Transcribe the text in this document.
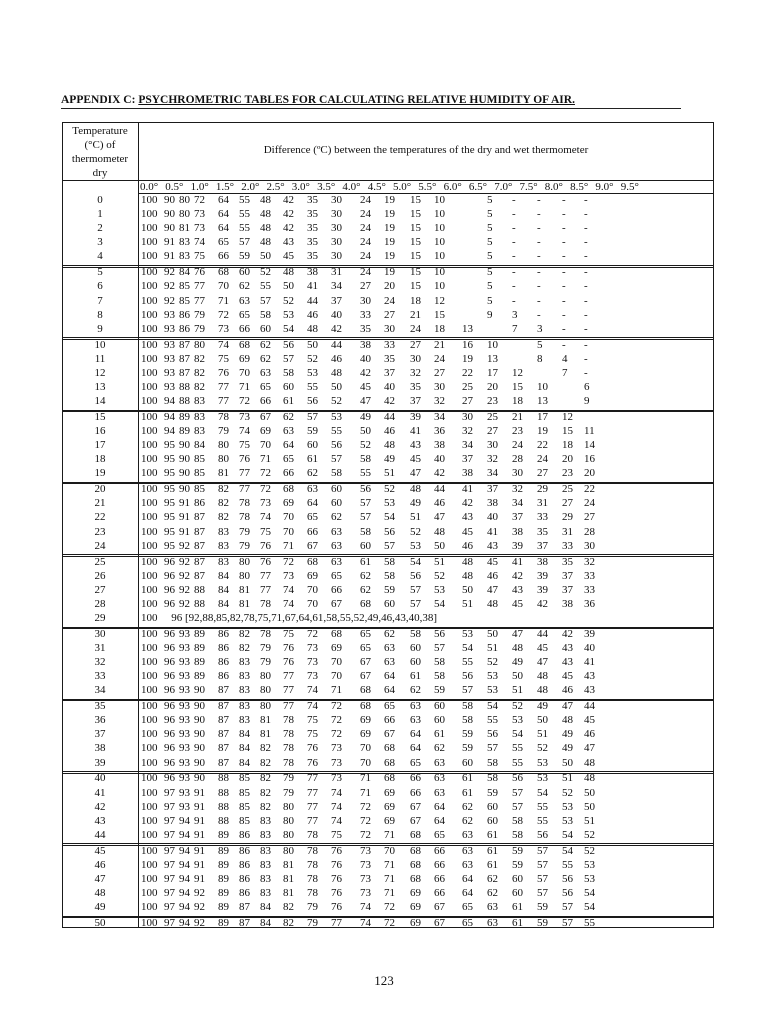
APPENDIX C: PSYCHROMETRIC TABLES FOR CALCULATING RELATIVE HUMIDITY OF AIR.
Temperature
(°C) of
thermometer
dry
Difference (ºC) between the temperatures of the dry and wet thermometer
0.0° 0.5° 1.0° 1.5° 2.0° 2.5° 3.0° 3.5° 4.0° 4.5° 5.0° 5.5° 6.0° 6.5° 7.0° 7.5° 8.0° 8.5° 9.0° 9.5°
0	100 90 80 72 64 55 48 42 35 30 24 19 15 10	5 - - - -
1	100 90 80 73 64 55 48 42 35 30 24 19 15 10	5 - - - -
2	100 90 81 73 64 55 48 42 35 30 24 19 15 10	5 - - - -
3	100 91 83 74 65 57 48 43 35 30 24 19 15 10	5 - - - -
4	100 91 83 75 66 59 50 45 35 30 24 19 15 10	5 - - - -
5	100 92 84 76 68 60 52 48 38 31 24 19 15 10	5 - - - -
6	100 92 85 77 70 62 55 50 41 34 27 20 15 10	5 - - - -
7	100 92 85 77 71 63 57 52 44 37 30 24 18 12	5 - - - -
8	100 93 86 79 72 65 58 53 46 40 33 27 21 15	9 3 - - -
9	100 93 86 79 73 66 60 54 48 42 35 30 24 18 13	7 3 - -
10	100 93 87 80 74 68 62 56 50 44 38 33 27 21 16 10	5 - -
11	100 93 87 82 75 69 62 57 52 46 40 35 30 24 19 13	8 4 -
12	100 93 87 82 76 70 63 58 53 48 42 37 32 27 22 17 12	7 -
13	100 93 88 82 77 71 65 60 55 50 45 40 35 30 25 20 15 10	6
14	100 94 88 83 77 72 66 61 56 52 47 42 37 32 27 23 18 13	9
15	100 94 89 83 78 73 67 62 57 53 49 44 39 34 30 25 21 17 12
16	100 94 89 83 79 74 69 63 59 55 50 46 41 36 32 27 23 19 15 11
17	100 95 90 84 80 75 70 64 60 56 52 48 43 38 34 30 24 22 18 14
18	100 95 90 85 80 76 71 65 61 57 58 49 45 40 37 32 28 24 20 16
19	100 95 90 85 81 77 72 66 62 58 55 51 47 42 38 34 30 27 23 20
20	100 95 90 85 82 77 72 68 63 60 56 52 48 44 41 37 32 29 25 22
21	100 95 91 86 82 78 73 69 64 60 57 53 49 46 42 38 34 31 27 24
22	100 95 91 87 82 78 74 70 65 62 57 54 51 47 43 40 37 33 29 27
23	100 95 91 87 83 79 75 70 66 63 58 56 52 48 45 41 38 35 31 28
24	100 95 92 87 83 79 76 71 67 63 60 57 53 50 46 43 39 37 33 30
25	100 96 92 87 83 80 76 72 68 63 61 58 54 51 48 45 41 38 35 32
26	100 96 92 87 84 80 77 73 69 65 62 58 56 52 48 46 42 39 37 33
27	100 96 92 88 84 81 77 74 70 66 62 59 57 53 50 47 43 39 37 33
28	100 96 92 88 84 81 78 74 70 67 68 60 57 54 51 48 45 42 38 36
29	100     96 [92,88,85,82,78,75,71,67,64,61,58,55,52,49,46,43,40,38]
30	100 96 93 89 86 82 78 75 72 68 65 62 58 56 53 50 47 44 42 39
31	100 96 93 89 86 82 79 76 73 69 65 63 60 57 54 51 48 45 43 40
32	100 96 93 89 86 83 79 76 73 70 67 63 60 58 55 52 49 47 43 41
33	100 96 93 89 86 83 80 77 73 70 67 64 61 58 56 53 50 48 45 43
34	100 96 93 90 87 83 80 77 74 71 68 64 62 59 57 53 51 48 46 43
35	100 96 93 90 87 83 80 77 74 72 68 65 63 60 58 54 52 49 47 44
36	100 96 93 90 87 83 81 78 75 72 69 66 63 60 58 55 53 50 48 45
37	100 96 93 90 87 84 81 78 75 72 69 67 64 61 59 56 54 51 49 46
38	100 96 93 90 87 84 82 78 76 73 70 68 64 62 59 57 55 52 49 47
39	100 96 93 90 87 84 82 78 76 73 70 68 65 63 60 58 55 53 50 48
40	100 96 93 90 88 85 82 79 77 73 71 68 66 63 61 58 56 53 51 48
41	100 97 93 91 88 85 82 79 77 74 71 69 66 63 61 59 57 54 52 50
42	100 97 93 91 88 85 82 80 77 74 72 69 67 64 62 60 57 55 53 50
43	100 97 94 91 88 85 83 80 77 74 72 69 67 64 62 60 58 55 53 51
44	100 97 94 91 89 86 83 80 78 75 72 71 68 65 63 61 58 56 54 52
45	100 97 94 91 89 86 83 80 78 76 73 70 68 66 63 61 59 57 54 52
46	100 97 94 91 89 86 83 81 78 76 73 71 68 66 63 61 59 57 55 53
47	100 97 94 91 89 86 83 81 78 76 73 71 68 66 64 62 60 57 56 53
48	100 97 94 92 89 86 83 81 78 76 73 71 69 66 64 62 60 57 56 54
49	100 97 94 92 89 87 84 82 79 76 74 72 69 67 65 63 61 59 57 54
50	100 97 94 92 89 87 84 82 79 77 74 72 69 67 65 63 61 59 57 55
123
